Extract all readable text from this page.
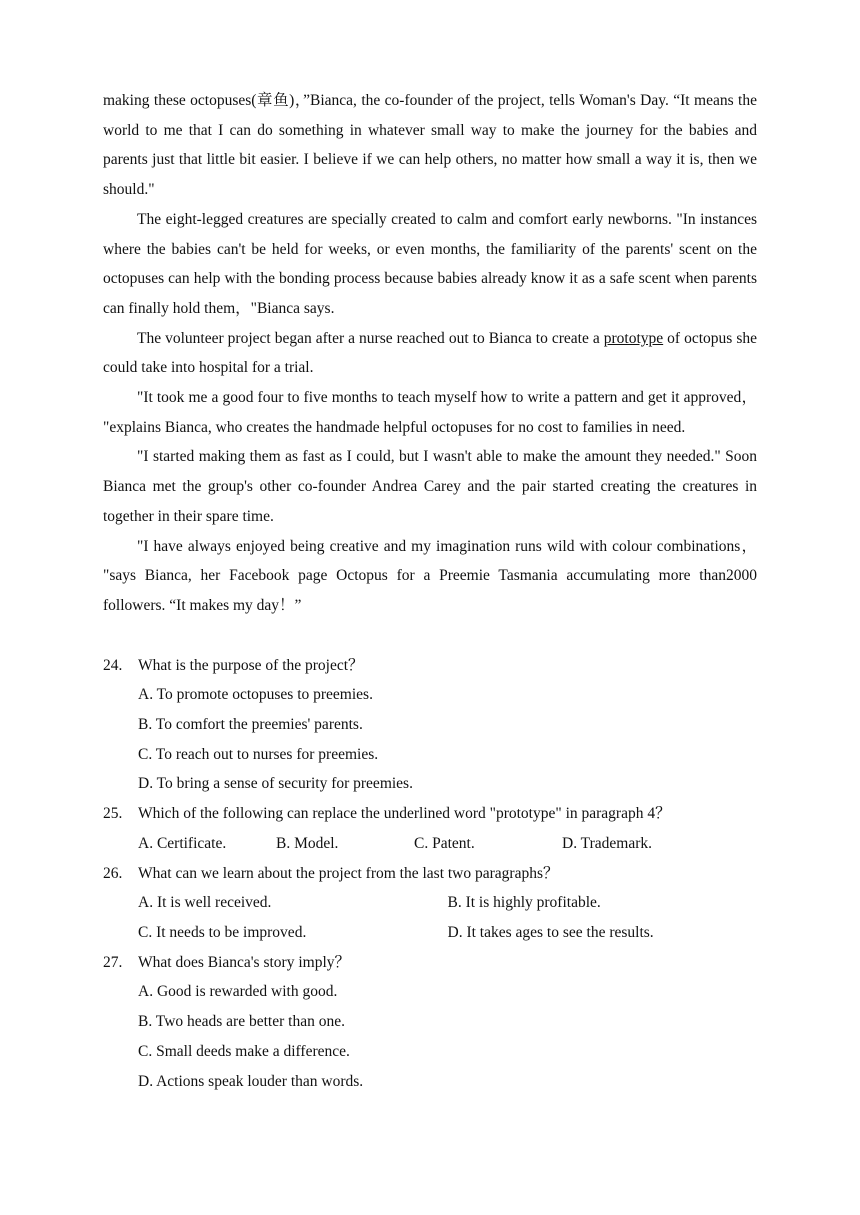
making these octopuses(章鱼)，”Bianca, the co-founder of the project, tells Woman's Day. “It means the world to me that I can do something in whatever small way to make the journey for the babies and parents just that little bit easier. I believe if we can help others, no matter how small a way it is, then we should."

The eight-legged creatures are specially created to calm and comfort early newborns. "In instances where the babies can't be held for weeks, or even months, the familiarity of the parents' scent on the octopuses can help with the bonding process because babies already know it as a safe scent when parents can finally hold them，"Bianca says.

The volunteer project began after a nurse reached out to Bianca to create a prototype of octopus she could take into hospital for a trial.

"It took me a good four to five months to teach myself how to write a pattern and get it approved， "explains Bianca, who creates the handmade helpful octopuses for no cost to families in need.

"I started making them as fast as I could, but I wasn't able to make the amount they needed." Soon Bianca met the group's other co-founder Andrea Carey and the pair started creating the creatures in together in their spare time.

"I have always enjoyed being creative and my imagination runs wild with colour combinations， "says Bianca, her Facebook page Octopus for a Preemie Tasmania accumulating more than2000 followers. “It makes my day！”

24.	What is the purpose of the project？
A. To promote octopuses to preemies.
B. To comfort the preemies' parents.
C. To reach out to nurses for preemies.
D. To bring a sense of security for preemies.
25.	Which of the following can replace the underlined word "prototype" in paragraph 4？
A. Certificate.	B. Model.	C. Patent.	D. Trademark.
26.	What can we learn about the project from the last two paragraphs？
A. It is well received.	B. It is highly profitable.
C. It needs to be improved.	D. It takes ages to see the results.
27.	What does Bianca's story imply？
A. Good is rewarded with good.
B. Two heads are better than one.
C. Small deeds make a difference.
D. Actions speak louder than words.
